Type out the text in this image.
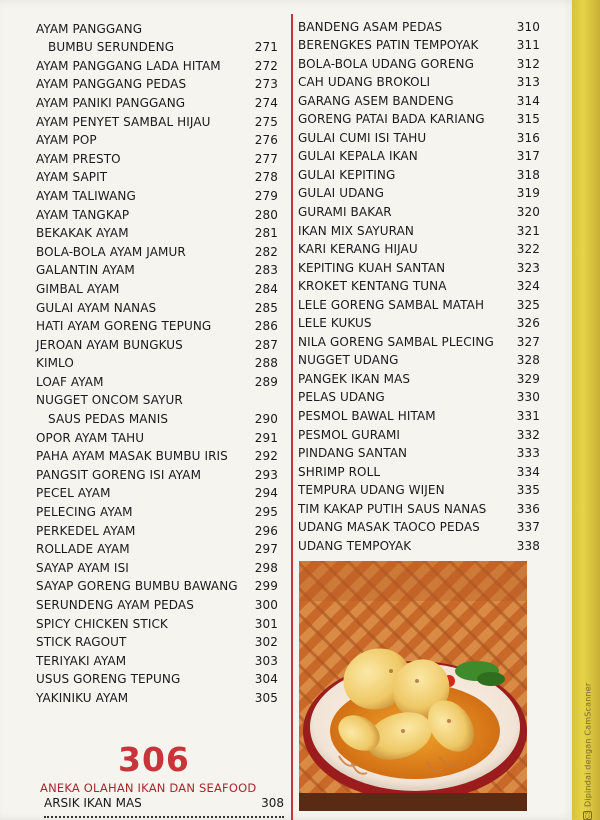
AYAM PANGGANG
BUMBU SERUNDENG	271
AYAM PANGGANG LADA HITAM	272
AYAM PANGGANG PEDAS	273
AYAM PANIKI PANGGANG	274
AYAM PENYET SAMBAL HIJAU	275
AYAM POP	276
AYAM PRESTO	277
AYAM SAPIT	278
AYAM TALIWANG	279
AYAM TANGKAP	280
BEKAKAK AYAM	281
BOLA-BOLA AYAM JAMUR	282
GALANTIN AYAM	283
GIMBAL AYAM	284
GULAI AYAM NANAS	285
HATI AYAM GORENG TEPUNG	286
JEROAN AYAM BUNGKUS	287
KIMLO	288
LOAF AYAM	289
NUGGET ONCOM SAYUR
SAUS PEDAS MANIS	290
OPOR AYAM TAHU	291
PAHA AYAM MASAK BUMBU IRIS	292
PANGSIT GORENG ISI AYAM	293
PECEL AYAM	294
PELECING AYAM	295
PERKEDEL AYAM	296
ROLLADE AYAM	297
SAYAP AYAM ISI	298
SAYAP GORENG BUMBU BAWANG	299
SERUNDENG AYAM PEDAS	300
SPICY CHICKEN STICK	301
STICK RAGOUT	302
TERIYAKI AYAM	303
USUS GORENG TEPUNG	304
YAKINIKU AYAM	305
BANDENG ASAM PEDAS	310
BERENGKES PATIN TEMPOYAK	311
BOLA-BOLA UDANG GORENG	312
CAH UDANG BROKOLI	313
GARANG ASEM BANDENG	314
GORENG PATAI BADA KARIANG	315
GULAI CUMI ISI TAHU	316
GULAI KEPALA IKAN	317
GULAI KEPITING	318
GULAI UDANG	319
GURAMI BAKAR	320
IKAN MIX SAYURAN	321
KARI KERANG HIJAU	322
KEPITING KUAH SANTAN	323
KROKET KENTANG TUNA	324
LELE GORENG SAMBAL MATAH	325
LELE KUKUS	326
NILA GORENG SAMBAL PLECING	327
NUGGET UDANG	328
PANGEK IKAN MAS	329
PELAS UDANG	330
PESMOL BAWAL HITAM	331
PESMOL GURAMI	332
PINDANG SANTAN	333
SHRIMP ROLL	334
TEMPURA UDANG WIJEN	335
TIM KAKAP PUTIH SAUS NANAS	336
UDANG MASAK TAOCO PEDAS	337
UDANG TEMPOYAK	338
306
ANEKA OLAHAN IKAN DAN SEAFOOD
ARSIK IKAN MAS	308
CS
Dipindai dengan CamScanner
